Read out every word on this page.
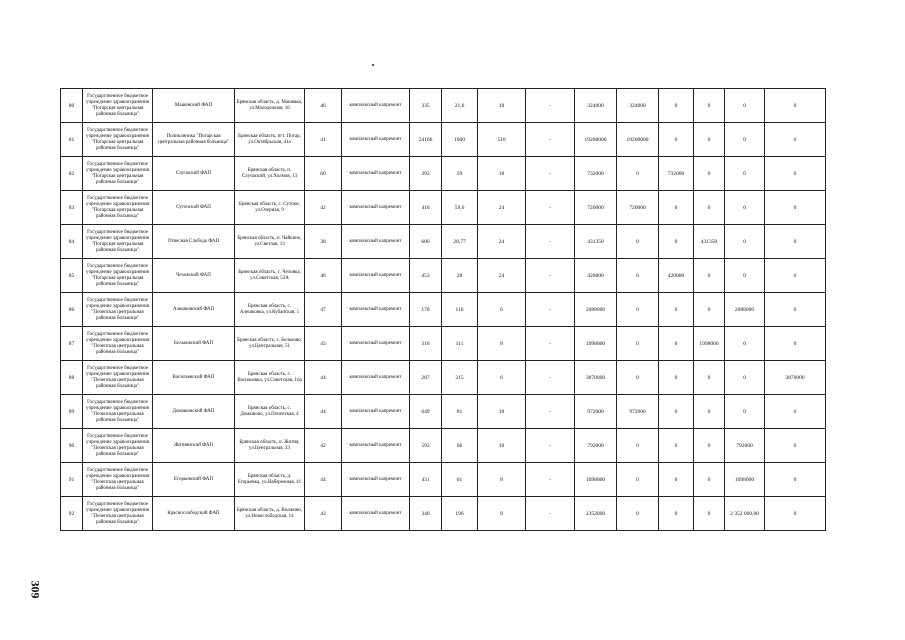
80	Государственное бюджетное учреждение здравоохранения "Погарская центральная районная больница"	Машевский ФАП	Брянская область, д. Машевка, ул.Молодежная, 16	46	комплексный капремонт	335	21,6	18	-	324000	324000	0	0	0	0
81	Государственное бюджетное учреждение здравоохранения "Погарская центральная районная больница"	Поликлиника "Погарская центральная районная больница"	Брянская область, пгт. Погар, ул.Октябрьская, 41а	41	комплексный капремонт	24166	1600	510	-	19200000	19200000	0	0	0	0
82	Государственное бюджетное учреждение здравоохранения "Погарская центральная районная больница"	Случаский ФАП	Брянская область, п. Случаский, ул.Холмов, 13	60	комплексный капремонт	393	59	18	-	732000	0	732000	0	0	0
83	Государственное бюджетное учреждение здравоохранения "Погарская центральная районная больница"	Суточский ФАП	Брянская область, с. Сутоки, ул.Озерная, 9	42	комплексный капремонт	418	59,6	24	-	720000	720000	0	0	0	0
84	Государственное бюджетное учреждение здравоохранения "Погарская центральная районная больница"	Отвесная Слобода ФАП	Брянская область, п. Чайкино, ул.Светлая, 13	38	комплексный капремонт	680	28,77	24	-	431350	0	0	431350	0	0
85	Государственное бюджетное учреждение здравоохранения "Погарская центральная районная больница"	Чеховский ФАП	Брянская область, с. Чеховка, ул.Советская, 53А	48	комплексный капремонт	453	28	24	-	420000	0	420000	0	0	0
86	Государственное бюджетное учреждение здравоохранения "Почепская центральная районная больница"	Алешковский ФАП	Брянская область, с. Алешковка, ул.Кубанская, 1	47	комплексный капремонт	178	116	6	-	2088000	0	0	0	2088000	0
87	Государственное бюджетное учреждение здравоохранения "Почепская центральная районная больница"	Бельковский ФАП	Брянская область, с. Бельково, ул.Центральная, 51	43	комплексный капремонт	318	111	8	-	1998000	0	0	1998000	0	0
88	Государственное бюджетное учреждение здравоохранения "Почепская центральная районная больница"	Васильевский ФАП	Брянская область, с. Васильевка, ул.Советская, 16а	44	комплексный капремонт	287	215	6	-	3870000	0	0	0	0	3870000
89	Государственное бюджетное учреждение здравоохранения "Почепская центральная районная больница"	Домашовский ФАП	Брянская область, с. Домашово, ул.Почепская, 4	44	комплексный капремонт	649	81	10	-	972000	972000	0	0	0	0
90	Государственное бюджетное учреждение здравоохранения "Почепская центральная районная больница"	Житнянский ФАП	Брянская область, п. Житня, ул.Центральная, 23	42	комплексный капремонт	593	66	10	-	792000	0	0	0	792000	0
91	Государственное бюджетное учреждение здравоохранения "Почепская центральная районная больница"	Егорьевский ФАП	Брянская область, д. Егорьевка, ул.Набережная, 41	44	комплексный капремонт	431	61	8	-	1098000	0	0	0	1098000	0
92	Государственное бюджетное учреждение здравоохранения "Почепская центральная районная больница"	Краснослободский ФАП	Брянская область, д. Волжино, ул.Новослободская, 14	42	комплексный капремонт	340	196	8	-	2352000	0	0	0	2 352 000,00	0
309
